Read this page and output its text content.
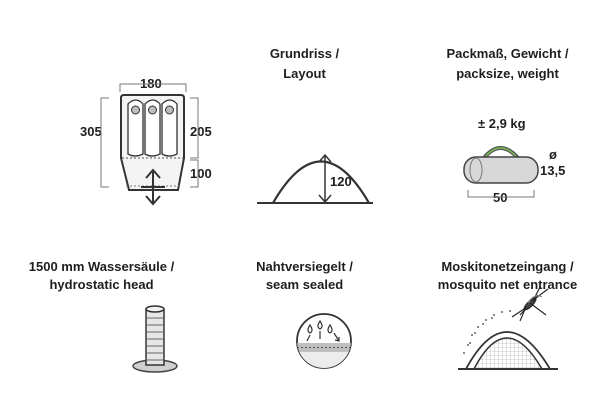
180
305	205
100
Grundriss /
Layout
120
Packmaß, Gewicht /
packsize, weight
± 2,9 kg
ø
13,5
50
1500 mm Wassersäule /
hydrostatic head
Nahtversiegelt /
seam sealed
Moskitonetzeingang /
mosquito net entrance
